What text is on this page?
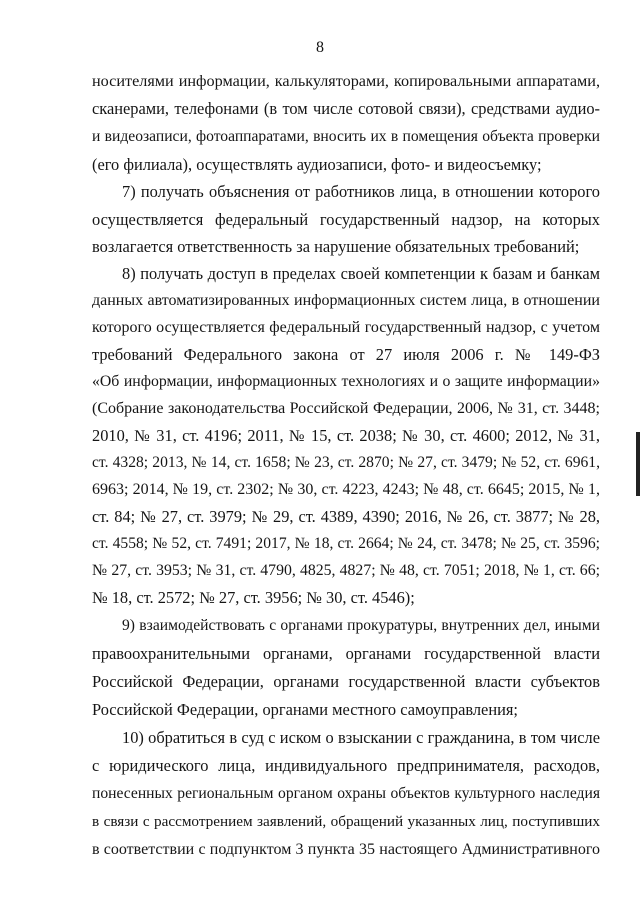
8
носителями информации, калькуляторами, копировальными аппаратами,
сканерами, телефонами (в том числе сотовой связи), средствами аудио-
и видеозаписи, фотоаппаратами, вносить их в помещения объекта проверки
(его филиала), осуществлять аудиозаписи, фото- и видеосъемку;
7) получать объяснения от работников лица, в отношении которого
осуществляется федеральный государственный надзор, на которых
возлагается ответственность за нарушение обязательных требований;
8) получать доступ в пределах своей компетенции к базам и банкам
данных автоматизированных информационных систем лица, в отношении
которого осуществляется федеральный государственный надзор, с учетом
требований Федерального закона от 27 июля 2006 г. № 149-ФЗ
«Об информации, информационных технологиях и о защите информации»
(Собрание законодательства Российской Федерации, 2006, № 31, ст. 3448;
2010, № 31, ст. 4196; 2011, № 15, ст. 2038; № 30, ст. 4600; 2012, № 31,
ст. 4328; 2013, № 14, ст. 1658; № 23, ст. 2870; № 27, ст. 3479; № 52, ст. 6961,
6963; 2014, № 19, ст. 2302; № 30, ст. 4223, 4243; № 48, ст. 6645; 2015, № 1,
ст. 84; № 27, ст. 3979; № 29, ст. 4389, 4390; 2016, № 26, ст. 3877; № 28,
ст. 4558; № 52, ст. 7491; 2017, № 18, ст. 2664; № 24, ст. 3478; № 25, ст. 3596;
№ 27, ст. 3953; № 31, ст. 4790, 4825, 4827; № 48, ст. 7051; 2018, № 1, ст. 66;
№ 18, ст. 2572; № 27, ст. 3956; № 30, ст. 4546);
9) взаимодействовать с органами прокуратуры, внутренних дел, иными
правоохранительными органами, органами государственной власти
Российской Федерации, органами государственной власти субъектов
Российской Федерации, органами местного самоуправления;
10) обратиться в суд с иском о взыскании с гражданина, в том числе
с юридического лица, индивидуального предпринимателя, расходов,
понесенных региональным органом охраны объектов культурного наследия
в связи с рассмотрением заявлений, обращений указанных лиц, поступивших
в соответствии с подпунктом 3 пункта 35 настоящего Административного
